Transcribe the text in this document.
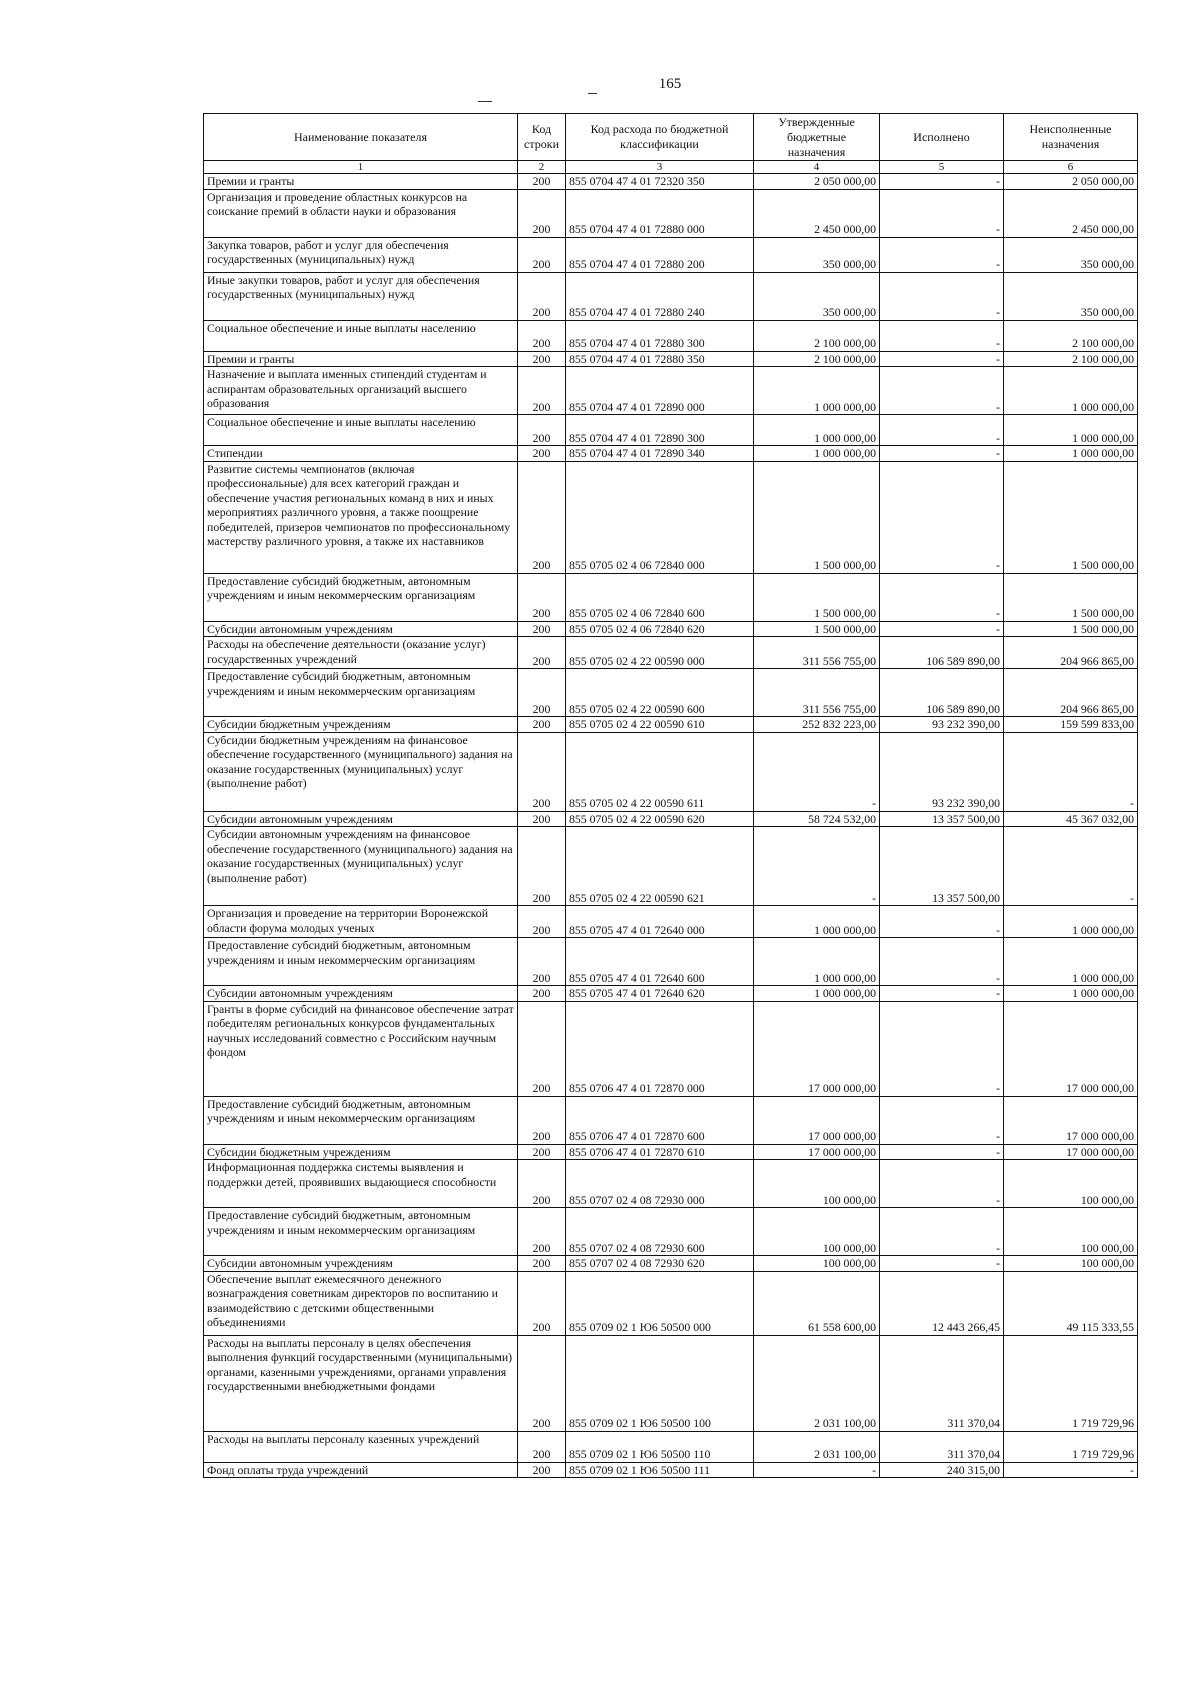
165
Наименование показателя	Код строки	Код расхода по бюджетной классификации	Утвержденные бюджетные назначения	Исполнено	Неисполненные назначения
1	2	3	4	5	6
Премии и гранты	200	855 0704 47 4 01 72320 350	2 050 000,00	-	2 050 000,00
Организация и проведение областных конкурсов на соискание премий в области науки и образования	200	855 0704 47 4 01 72880 000	2 450 000,00	-	2 450 000,00
Закупка товаров, работ и услуг для обеспечения государственных (муниципальных) нужд	200	855 0704 47 4 01 72880 200	350 000,00	-	350 000,00
Иные закупки товаров, работ и услуг для обеспечения государственных (муниципальных) нужд	200	855 0704 47 4 01 72880 240	350 000,00	-	350 000,00
Социальное обеспечение и иные выплаты населению	200	855 0704 47 4 01 72880 300	2 100 000,00	-	2 100 000,00
Премии и гранты	200	855 0704 47 4 01 72880 350	2 100 000,00	-	2 100 000,00
Назначение и выплата именных стипендий студентам и аспирантам образовательных организаций высшего образования	200	855 0704 47 4 01 72890 000	1 000 000,00	-	1 000 000,00
Социальное обеспечение и иные выплаты населению	200	855 0704 47 4 01 72890 300	1 000 000,00	-	1 000 000,00
Стипендии	200	855 0704 47 4 01 72890 340	1 000 000,00	-	1 000 000,00
Развитие системы чемпионатов (включая профессиональные) для всех категорий граждан и обеспечение участия региональных команд в них и иных мероприятиях различного уровня, а также поощрение победителей, призеров чемпионатов по профессиональному мастерству различного уровня, а также их наставников	200	855 0705 02 4 06 72840 000	1 500 000,00	-	1 500 000,00
Предоставление субсидий бюджетным, автономным учреждениям и иным некоммерческим организациям	200	855 0705 02 4 06 72840 600	1 500 000,00	-	1 500 000,00
Субсидии автономным учреждениям	200	855 0705 02 4 06 72840 620	1 500 000,00	-	1 500 000,00
Расходы на обеспечение деятельности (оказание услуг) государственных учреждений	200	855 0705 02 4 22 00590 000	311 556 755,00	106 589 890,00	204 966 865,00
Предоставление субсидий бюджетным, автономным учреждениям и иным некоммерческим организациям	200	855 0705 02 4 22 00590 600	311 556 755,00	106 589 890,00	204 966 865,00
Субсидии бюджетным учреждениям	200	855 0705 02 4 22 00590 610	252 832 223,00	93 232 390,00	159 599 833,00
Субсидии бюджетным учреждениям на финансовое обеспечение государственного (муниципального) задания на оказание государственных (муниципальных) услуг (выполнение работ)	200	855 0705 02 4 22 00590 611	-	93 232 390,00	-
Субсидии автономным учреждениям	200	855 0705 02 4 22 00590 620	58 724 532,00	13 357 500,00	45 367 032,00
Субсидии автономным учреждениям на финансовое обеспечение государственного (муниципального) задания на оказание государственных (муниципальных) услуг (выполнение работ)	200	855 0705 02 4 22 00590 621	-	13 357 500,00	-
Организация и проведение на территории Воронежской области форума молодых ученых	200	855 0705 47 4 01 72640 000	1 000 000,00	-	1 000 000,00
Предоставление субсидий бюджетным, автономным учреждениям и иным некоммерческим организациям	200	855 0705 47 4 01 72640 600	1 000 000,00	-	1 000 000,00
Субсидии автономным учреждениям	200	855 0705 47 4 01 72640 620	1 000 000,00	-	1 000 000,00
Гранты в форме субсидий на финансовое обеспечение затрат победителям региональных конкурсов фундаментальных научных исследований совместно с Российским научным фондом	200	855 0706 47 4 01 72870 000	17 000 000,00	-	17 000 000,00
Предоставление субсидий бюджетным, автономным учреждениям и иным некоммерческим организациям	200	855 0706 47 4 01 72870 600	17 000 000,00	-	17 000 000,00
Субсидии бюджетным учреждениям	200	855 0706 47 4 01 72870 610	17 000 000,00	-	17 000 000,00
Информационная поддержка системы выявления и поддержки детей, проявивших выдающиеся способности	200	855 0707 02 4 08 72930 000	100 000,00	-	100 000,00
Предоставление субсидий бюджетным, автономным учреждениям и иным некоммерческим организациям	200	855 0707 02 4 08 72930 600	100 000,00	-	100 000,00
Субсидии автономным учреждениям	200	855 0707 02 4 08 72930 620	100 000,00	-	100 000,00
Обеспечение выплат ежемесячного денежного вознаграждения советникам директоров по воспитанию и взаимодействию с детскими общественными объединениями	200	855 0709 02 1 Ю6 50500 000	61 558 600,00	12 443 266,45	49 115 333,55
Расходы на выплаты персоналу в целях обеспечения выполнения функций государственными (муниципальными) органами, казенными учреждениями, органами управления государственными внебюджетными фондами	200	855 0709 02 1 Ю6 50500 100	2 031 100,00	311 370,04	1 719 729,96
Расходы на выплаты персоналу казенных учреждений	200	855 0709 02 1 Ю6 50500 110	2 031 100,00	311 370,04	1 719 729,96
Фонд оплаты труда учреждений	200	855 0709 02 1 Ю6 50500 111	-	240 315,00	-
